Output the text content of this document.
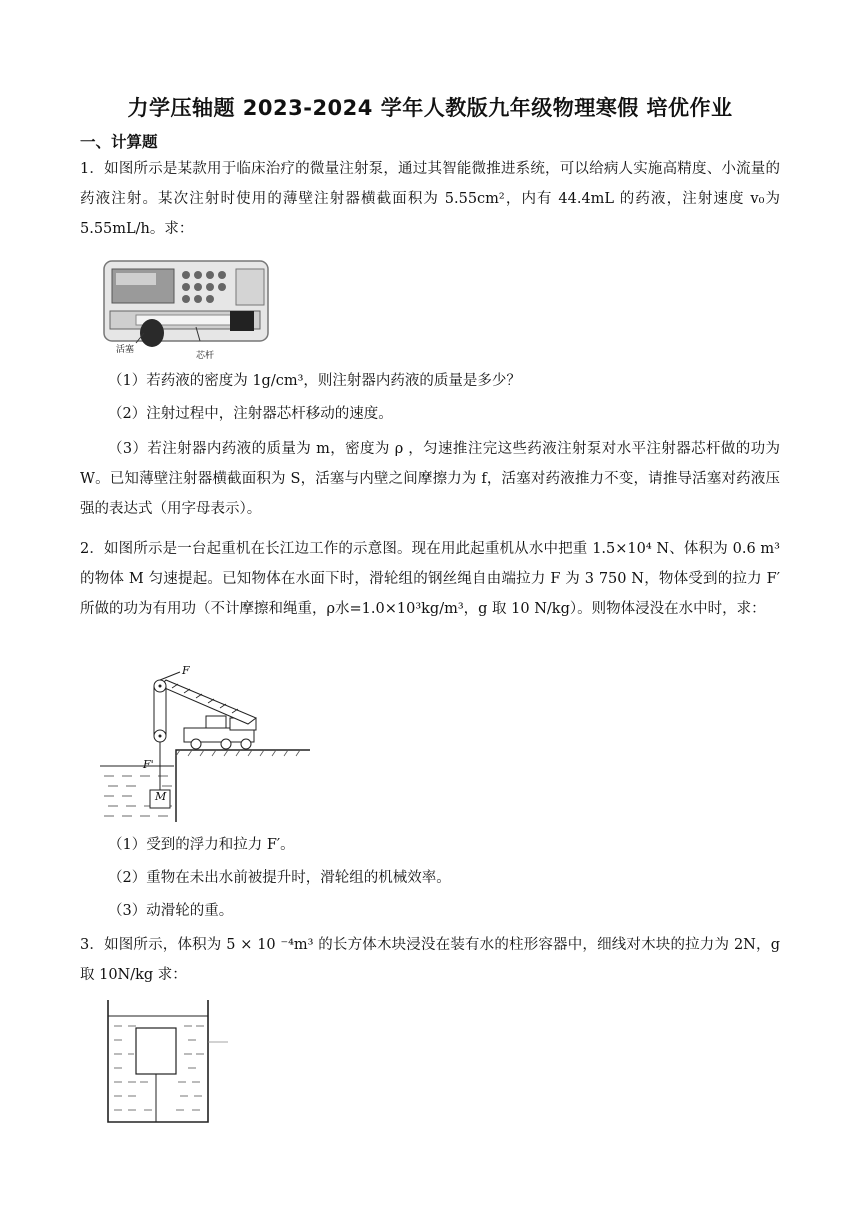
力学压轴题 2023-2024 学年人教版九年级物理寒假 培优作业
一、计算题
1．如图所示是某款用于临床治疗的微量注射泵，通过其智能微推进系统，可以给病人实施高精度、小流量的药液注射。某次注射时使用的薄壁注射器横截面积为 5.55cm²，内有 44.4mL 的药液，注射速度 v₀为 5.55mL/h。求：
活塞
芯杆
（1）若药液的密度为 1g/cm³，则注射器内药液的质量是多少？
（2）注射过程中，注射器芯杆移动的速度。
（3）若注射器内药液的质量为 m，密度为 ρ ，匀速推注完这些药液注射泵对水平注射器芯杆做的功为 W。已知薄壁注射器横截面积为 S，活塞与内壁之间摩擦力为 f，活塞对药液推力不变，请推导活塞对药液压强的表达式（用字母表示）。
2．如图所示是一台起重机在长江边工作的示意图。现在用此起重机从水中把重 1.5×10⁴ N、体积为 0.6 m³ 的物体 M 匀速提起。已知物体在水面下时，滑轮组的钢丝绳自由端拉力 F 为 3 750 N，物体受到的拉力 F′所做的功为有用功（不计摩擦和绳重，ρ水=1.0×10³kg/m³，g 取 10 N/kg）。则物体浸没在水中时，求：
F
F'
M
（1）受到的浮力和拉力 F′。
（2）重物在未出水前被提升时，滑轮组的机械效率。
（3）动滑轮的重。
3．如图所示，体积为 5 × 10 ⁻⁴m³ 的长方体木块浸没在装有水的柱形容器中，细线对木块的拉力为 2N，g 取 10N/kg 求：
